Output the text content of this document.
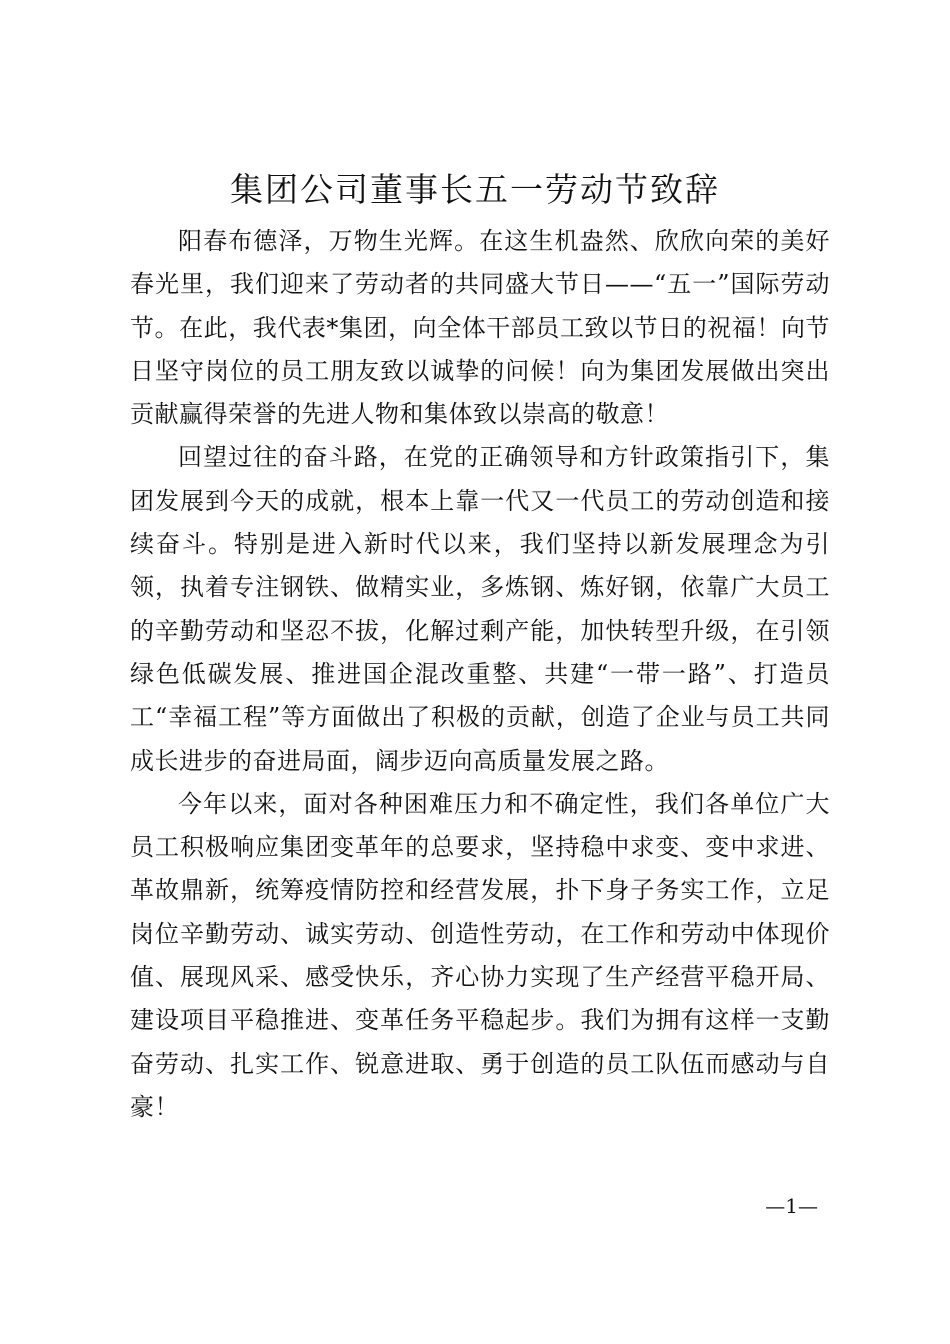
集团公司董事长五一劳动节致辞

阳春布德泽，万物生光辉。在这生机盎然、欣欣向荣的美好春光里，我们迎来了劳动者的共同盛大节日——“五一”国际劳动节。在此，我代表*集团，向全体干部员工致以节日的祝福！向节日坚守岗位的员工朋友致以诚挚的问候！向为集团发展做出突出贡献赢得荣誉的先进人物和集体致以崇高的敬意！

回望过往的奋斗路，在党的正确领导和方针政策指引下，集团发展到今天的成就，根本上靠一代又一代员工的劳动创造和接续奋斗。特别是进入新时代以来，我们坚持以新发展理念为引领，执着专注钢铁、做精实业，多炼钢、炼好钢，依靠广大员工的辛勤劳动和坚忍不拔，化解过剩产能，加快转型升级，在引领绿色低碳发展、推进国企混改重整、共建“一带一路”、打造员工“幸福工程”等方面做出了积极的贡献，创造了企业与员工共同成长进步的奋进局面，阔步迈向高质量发展之路。

今年以来，面对各种困难压力和不确定性，我们各单位广大员工积极响应集团变革年的总要求，坚持稳中求变、变中求进、革故鼎新，统筹疫情防控和经营发展，扑下身子务实工作，立足岗位辛勤劳动、诚实劳动、创造性劳动，在工作和劳动中体现价值、展现风采、感受快乐，齐心协力实现了生产经营平稳开局、建设项目平稳推进、变革任务平稳起步。我们为拥有这样一支勤奋劳动、扎实工作、锐意进取、勇于创造的员工队伍而感动与自豪！

—1—
